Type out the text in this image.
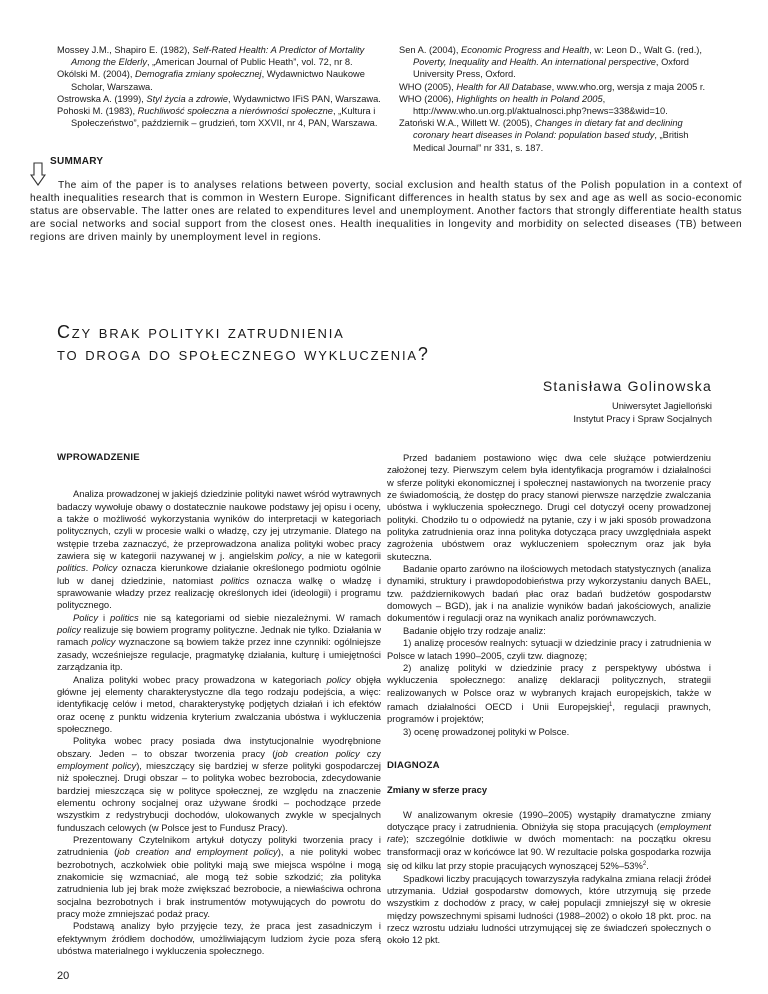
Mossey J.M., Shapiro E. (1982), Self-Rated Health: A Predictor of Mortality Among the Elderly, „American Journal of Public Heath”, vol. 72, nr 8.

Okólski M. (2004), Demografia zmiany społecznej, Wydawnictwo Naukowe Scholar, Warszawa.

Ostrowska A. (1999), Styl życia a zdrowie, Wydawnictwo IFiS PAN, Warszawa.

Pohoski M. (1983), Ruchliwość społeczna a nierówności społeczne, „Kultura i Społeczeństwo”, październik – grudzień, tom XXVII, nr 4, PAN, Warszawa.

Sen A. (2004), Economic Progress and Health, w: Leon D., Walt G. (red.), Poverty, Inequality and Health. An international perspective, Oxford University Press, Oxford.

WHO (2005), Health for All Database, www.who.org, wersja z maja 2005 r.

WHO (2006), Highlights on health in Poland 2005, http://www.who.un.org.pl/aktualnosci.php?news=338&wid=10.

Zatoński W.A., Willett W. (2005), Changes in dietary fat and declining coronary heart diseases in Poland: population based study, „British Medical Journal” nr 331, s. 187.

SUMMARY
The aim of the paper is to analyses relations between poverty, social exclusion and health status of the Polish population in a context of health inequalities research that is common in Western Europe. Significant differences in health status by sex and age as well as socio-economic status are observable. The latter ones are related to expenditures level and unemployment. Another factors that strongly differentiate health status are social networks and social support from the closest ones. Health inequalities in longevity and morbidity on selected diseases (TB) between regions are driven mainly by unemployment level in regions.
Czy brak polityki zatrudnienia
to droga do społecznego wykluczenia?
Stanisława Golinowska
Uniwersytet Jagielloński
Instytut Pracy i Spraw Socjalnych
WPROWADZENIE

Analiza prowadzonej w jakiejś dziedzinie polityki nawet wśród wytrawnych badaczy wywołuje obawy o dostatecznie naukowe podstawy jej opisu i oceny, a także o możliwość wykorzystania wyników do interpretacji w kategoriach politycznych, czyli w procesie walki o władzę, czy jej utrzymanie. Dlatego na wstępie trzeba zaznaczyć, że przeprowadzona analiza polityki wobec pracy zawiera się w kategorii nazywanej w j. angielskim policy, a nie w kategorii politics. Policy oznacza kierunkowe działanie określonego podmiotu ogólnie lub w danej dziedzinie, natomiast politics oznacza walkę o władzę i sprawowanie władzy przez realizację określonych idei (ideologii) i programu politycznego.

Policy i politics nie są kategoriami od siebie niezależnymi. W ramach policy realizuje się bowiem programy polityczne. Jednak nie tylko. Działania w ramach policy wyznaczone są bowiem także przez inne czynniki: ogólniejsze zasady, wcześniejsze regulacje, pragmatykę działania, kulturę i umiejętności zarządzania itp.

Analiza polityki wobec pracy prowadzona w kategoriach policy objęła główne jej elementy charakterystyczne dla tego rodzaju podejścia, a więc: identyfikację celów i metod, charakterystykę podjętych działań i ich efektów oraz ocenę z punktu widzenia kryterium zwalczania ubóstwa i wykluczenia społecznego.

Polityka wobec pracy posiada dwa instytucjonalnie wyodrębnione obszary. Jeden – to obszar tworzenia pracy (job creation policy czy employment policy), mieszczący się bardziej w sferze polityki gospodarczej niż społecznej. Drugi obszar – to polityka wobec bezrobocia, zdecydowanie bardziej mieszcząca się w polityce społecznej, ze względu na znaczenie elementu ochrony socjalnej oraz używane środki – pochodzące przede wszystkim z redystrybucji dochodów, ulokowanych zwykle w specjalnych funduszach celowych (w Polsce jest to Fundusz Pracy).

Prezentowany Czytelnikom artykuł dotyczy polityki tworzenia pracy i zatrudnienia (job creation and employment policy), a nie polityki wobec bezrobotnych, aczkolwiek obie polityki mają swe miejsca wspólne i mogą znakomicie się wzmacniać, ale mogą też sobie szkodzić; zła polityka zatrudnienia lub jej brak może zwiększać bezrobocie, a niewłaściwa ochrona socjalna bezrobotnych i brak instrumentów motywujących do powrotu do pracy może zmniejszać podaż pracy.

Podstawą analizy było przyjęcie tezy, że praca jest zasadniczym i efektywnym źródłem dochodów, umożliwiającym ludziom życie poza sferą ubóstwa materialnego i wykluczenia społecznego.

Przed badaniem postawiono więc dwa cele służące potwierdzeniu założonej tezy. Pierwszym celem była identyfikacja programów i działalności w sferze polityki ekonomicznej i społecznej nastawionych na tworzenie pracy ze świadomością, że dostęp do pracy stanowi pierwsze narzędzie zwalczania ubóstwa i wykluczenia społecznego. Drugi cel dotyczył oceny prowadzonej polityki. Chodziło tu o odpowiedź na pytanie, czy i w jaki sposób prowadzona polityka zatrudnienia oraz inna polityka dotycząca pracy uwzględniała aspekt zagrożenia ubóstwem oraz wykluczeniem społecznym oraz jak była skuteczna.

Badanie oparto zarówno na ilościowych metodach statystycznych (analiza dynamiki, struktury i prawdopodobieństwa przy wykorzystaniu danych BAEL, tzw. październikowych badań płac oraz badań budżetów gospodarstw domowych – BGD), jak i na analizie wyników badań jakościowych, analizie dokumentów i regulacji oraz na wynikach analiz porównawczych.

Badanie objęło trzy rodzaje analiz:

1) analizę procesów realnych: sytuacji w dziedzinie pracy i zatrudnienia w Polsce w latach 1990–2005, czyli tzw. diagnozę;

2) analizę polityki w dziedzinie pracy z perspektywy ubóstwa i wykluczenia społecznego: analizę deklaracji politycznych, strategii realizowanych w Polsce oraz w wybranych krajach europejskich, także w ramach działalności OECD i Unii Europejskiej$^1$, regulacji prawnych, programów i projektów;

3) ocenę prowadzonej polityki w Polsce.

DIAGNOZA
Zmiany w sferze pracy

W analizowanym okresie (1990–2005) wystąpiły dramatyczne zmiany dotyczące pracy i zatrudnienia. Obniżyła się stopa pracujących (employment rate); szczególnie dotkliwie w dwóch momentach: na początku okresu transformacji oraz w końcówce lat 90. W rezultacie polska gospodarka rozwija się od kilku lat przy stopie pracujących wynoszącej 52%–53%$^2$.

Spadkowi liczby pracujących towarzyszyła radykalna zmiana relacji źródeł utrzymania. Udział gospodarstw domowych, które utrzymują się przede wszystkim z dochodów z pracy, w całej populacji zmniejszył się w okresie między powszechnymi spisami ludności (1988–2002) o około 18 pkt. proc. na rzecz wzrostu udziału ludności utrzymującej się ze świadczeń społecznych o około 12 pkt.

20
